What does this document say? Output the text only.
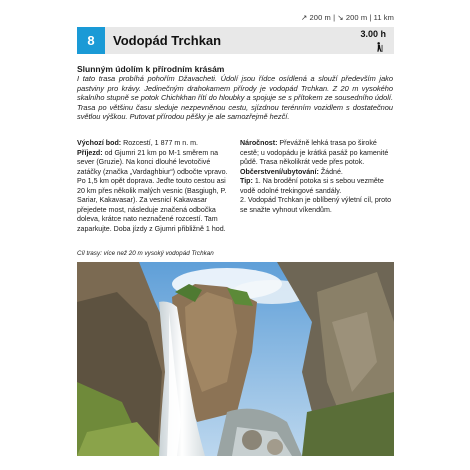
↗ 200 m | ↘ 200 m | 11 km
8	Vodopád Trchkan	3.00 h
Slunným údolím k přírodním krásám

I tato trasa probíhá pohořím Džavacheti. Údolí jsou řídce osídlená a slouží především jako pastviny pro krávy. Jedinečným drahokamem přírody je vodopád Trchkan. Z 20 m vysokého skalního stupně se potok Chichkhan řítí do hloubky a spojuje se s přítokem ze sousedního údolí. Trasa po většinu času sleduje nezpevněnou cestu, sjízdnou terénním vozidlem s dostatečnou světlou výškou. Putovat přírodou pěšky je ale samozřejmě hezčí.

Výchozí bod: Rozcestí, 1 877 m n. m.
Příjezd: od Gjumri 21 km po M-1 směrem na sever (Gruzie). Na konci dlouhé levotočivé zatáčky (značka „Vardaghbiur“) odbočte vpravo. Po 1,5 km opět doprava. Jeďte touto cestou asi 20 km přes několik malých vesnic (Basgiugh, P. Sariar, Kakavasar). Za vesnicí Kakavasar přejedete most, následuje značená odbočka doleva, krátce nato neznačené rozcestí. Tam zaparkujte. Doba jízdy z Gjumri přibližně 1 hod.

Náročnost: Převážně lehká trasa po široké cestě; u vodopádu je krátká pasáž po kamenité půdě. Trasa několikrát vede přes potok.

Občerstvení/ubytování: Žádné.

Tip: 1. Na brodění potoka si s sebou vezměte vodě odolné trekingové sandály.

2. Vodopád Trchkan je oblíbený výletní cíl, proto se snažte vyhnout víkendům.

Cíl trasy: více než 20 m vysoký vodopád Trchkan
